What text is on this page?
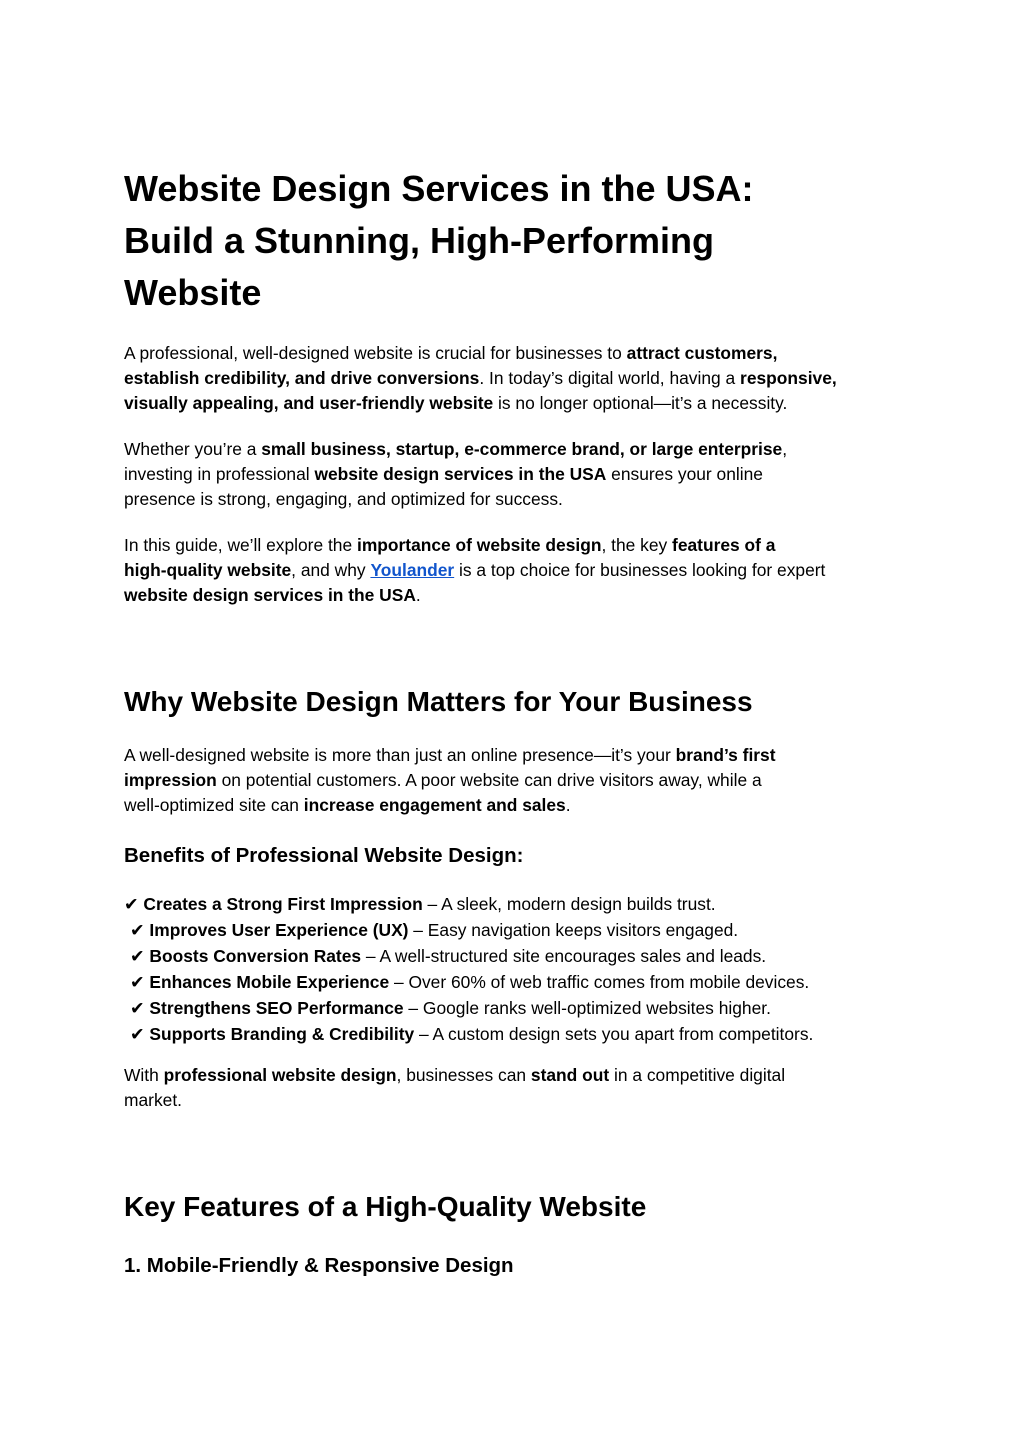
Website Design Services in the USA:
Build a Stunning, High-Performing
Website

A professional, well-designed website is crucial for businesses to attract customers,
establish credibility, and drive conversions. In today’s digital world, having a responsive,
visually appealing, and user-friendly website is no longer optional—it’s a necessity.

Whether you’re a small business, startup, e-commerce brand, or large enterprise,
investing in professional website design services in the USA ensures your online
presence is strong, engaging, and optimized for success.

In this guide, we’ll explore the importance of website design, the key features of a
high-quality website, and why Youlander is a top choice for businesses looking for expert
website design services in the USA.

Why Website Design Matters for Your Business

A well-designed website is more than just an online presence—it’s your brand’s first
impression on potential customers. A poor website can drive visitors away, while a
well-optimized site can increase engagement and sales.

Benefits of Professional Website Design:
✔ Creates a Strong First Impression – A sleek, modern design builds trust.
✔ Improves User Experience (UX) – Easy navigation keeps visitors engaged.
✔ Boosts Conversion Rates – A well-structured site encourages sales and leads.
✔ Enhances Mobile Experience – Over 60% of web traffic comes from mobile devices.
✔ Strengthens SEO Performance – Google ranks well-optimized websites higher.
✔ Supports Branding & Credibility – A custom design sets you apart from competitors.

With professional website design, businesses can stand out in a competitive digital
market.

Key Features of a High-Quality Website
1. Mobile-Friendly & Responsive Design
